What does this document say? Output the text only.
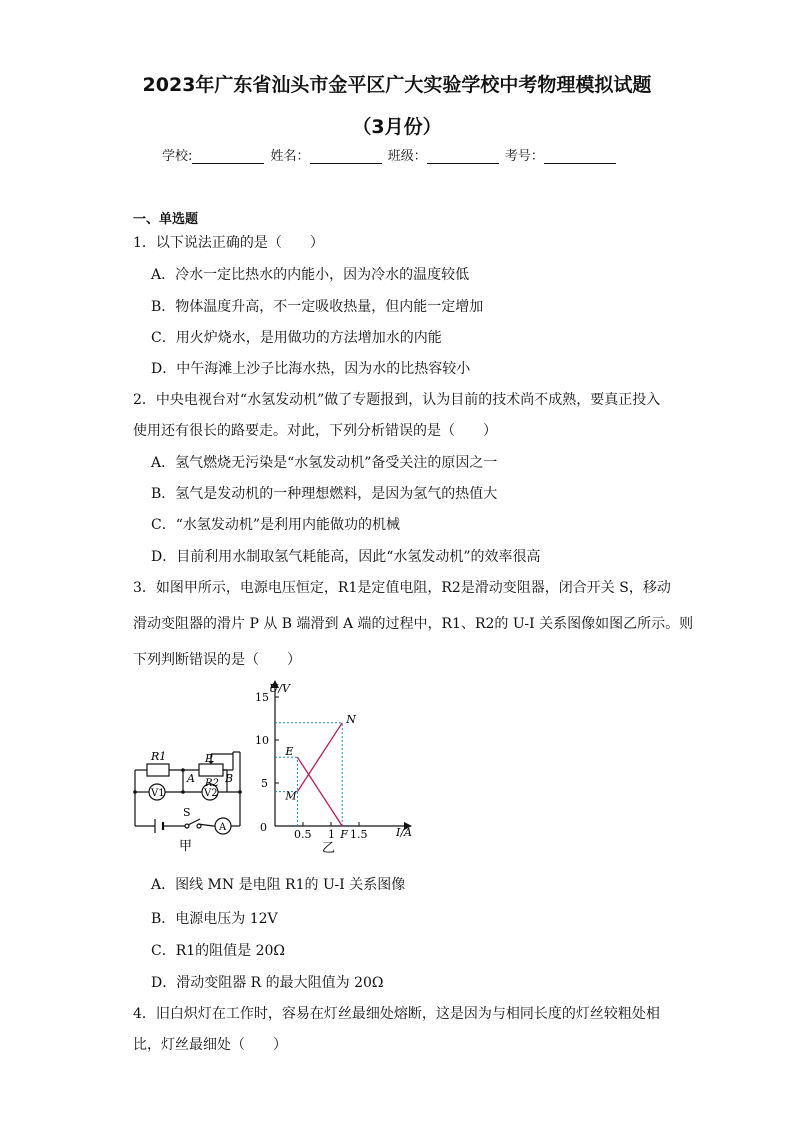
2023年广东省汕头市金平区广大实验学校中考物理模拟试题
（3月份）
学校:	姓名：	班级：	考号：
一、单选题
1．以下说法正确的是（　　）
A．冷水一定比热水的内能小，因为冷水的温度较低
B．物体温度升高，不一定吸收热量，但内能一定增加
C．用火炉烧水，是用做功的方法增加水的内能
D．中午海滩上沙子比海水热，因为水的比热容较小
2．中央电视台对“水氢发动机”做了专题报到，认为目前的技术尚不成熟，要真正投入
使用还有很长的路要走。对此，下列分析错误的是（　　）
A．氢气燃烧无污染是“水氢发动机”备受关注的原因之一
B．氢气是发动机的一种理想燃料，是因为氢气的热值大
C．“水氢发动机”是利用内能做功的机械
D．目前利用水制取氢气耗能高，因此“水氢发动机”的效率很高
3．如图甲所示，电源电压恒定，R1是定值电阻，R2是滑动变阻器，闭合开关 S，移动
滑动变阻器的滑片 P 从 B 端滑到 A 端的过程中，R1、R2的 U-I 关系图像如图乙所示。则
下列判断错误的是（　　）
R1	P
A R2 B
V1	V2
S
A
甲
0.5 1 1.5
5
10
15
M
N
E
F
U/V
I/A
0
乙
A．图线 MN 是电阻 R1的 U-I 关系图像
B．电源电压为 12V
C．R1的阻值是 20Ω
D．滑动变阻器 R 的最大阻值为 20Ω
4．旧白炽灯在工作时，容易在灯丝最细处熔断，这是因为与相同长度的灯丝较粗处相
比，灯丝最细处（　　）
